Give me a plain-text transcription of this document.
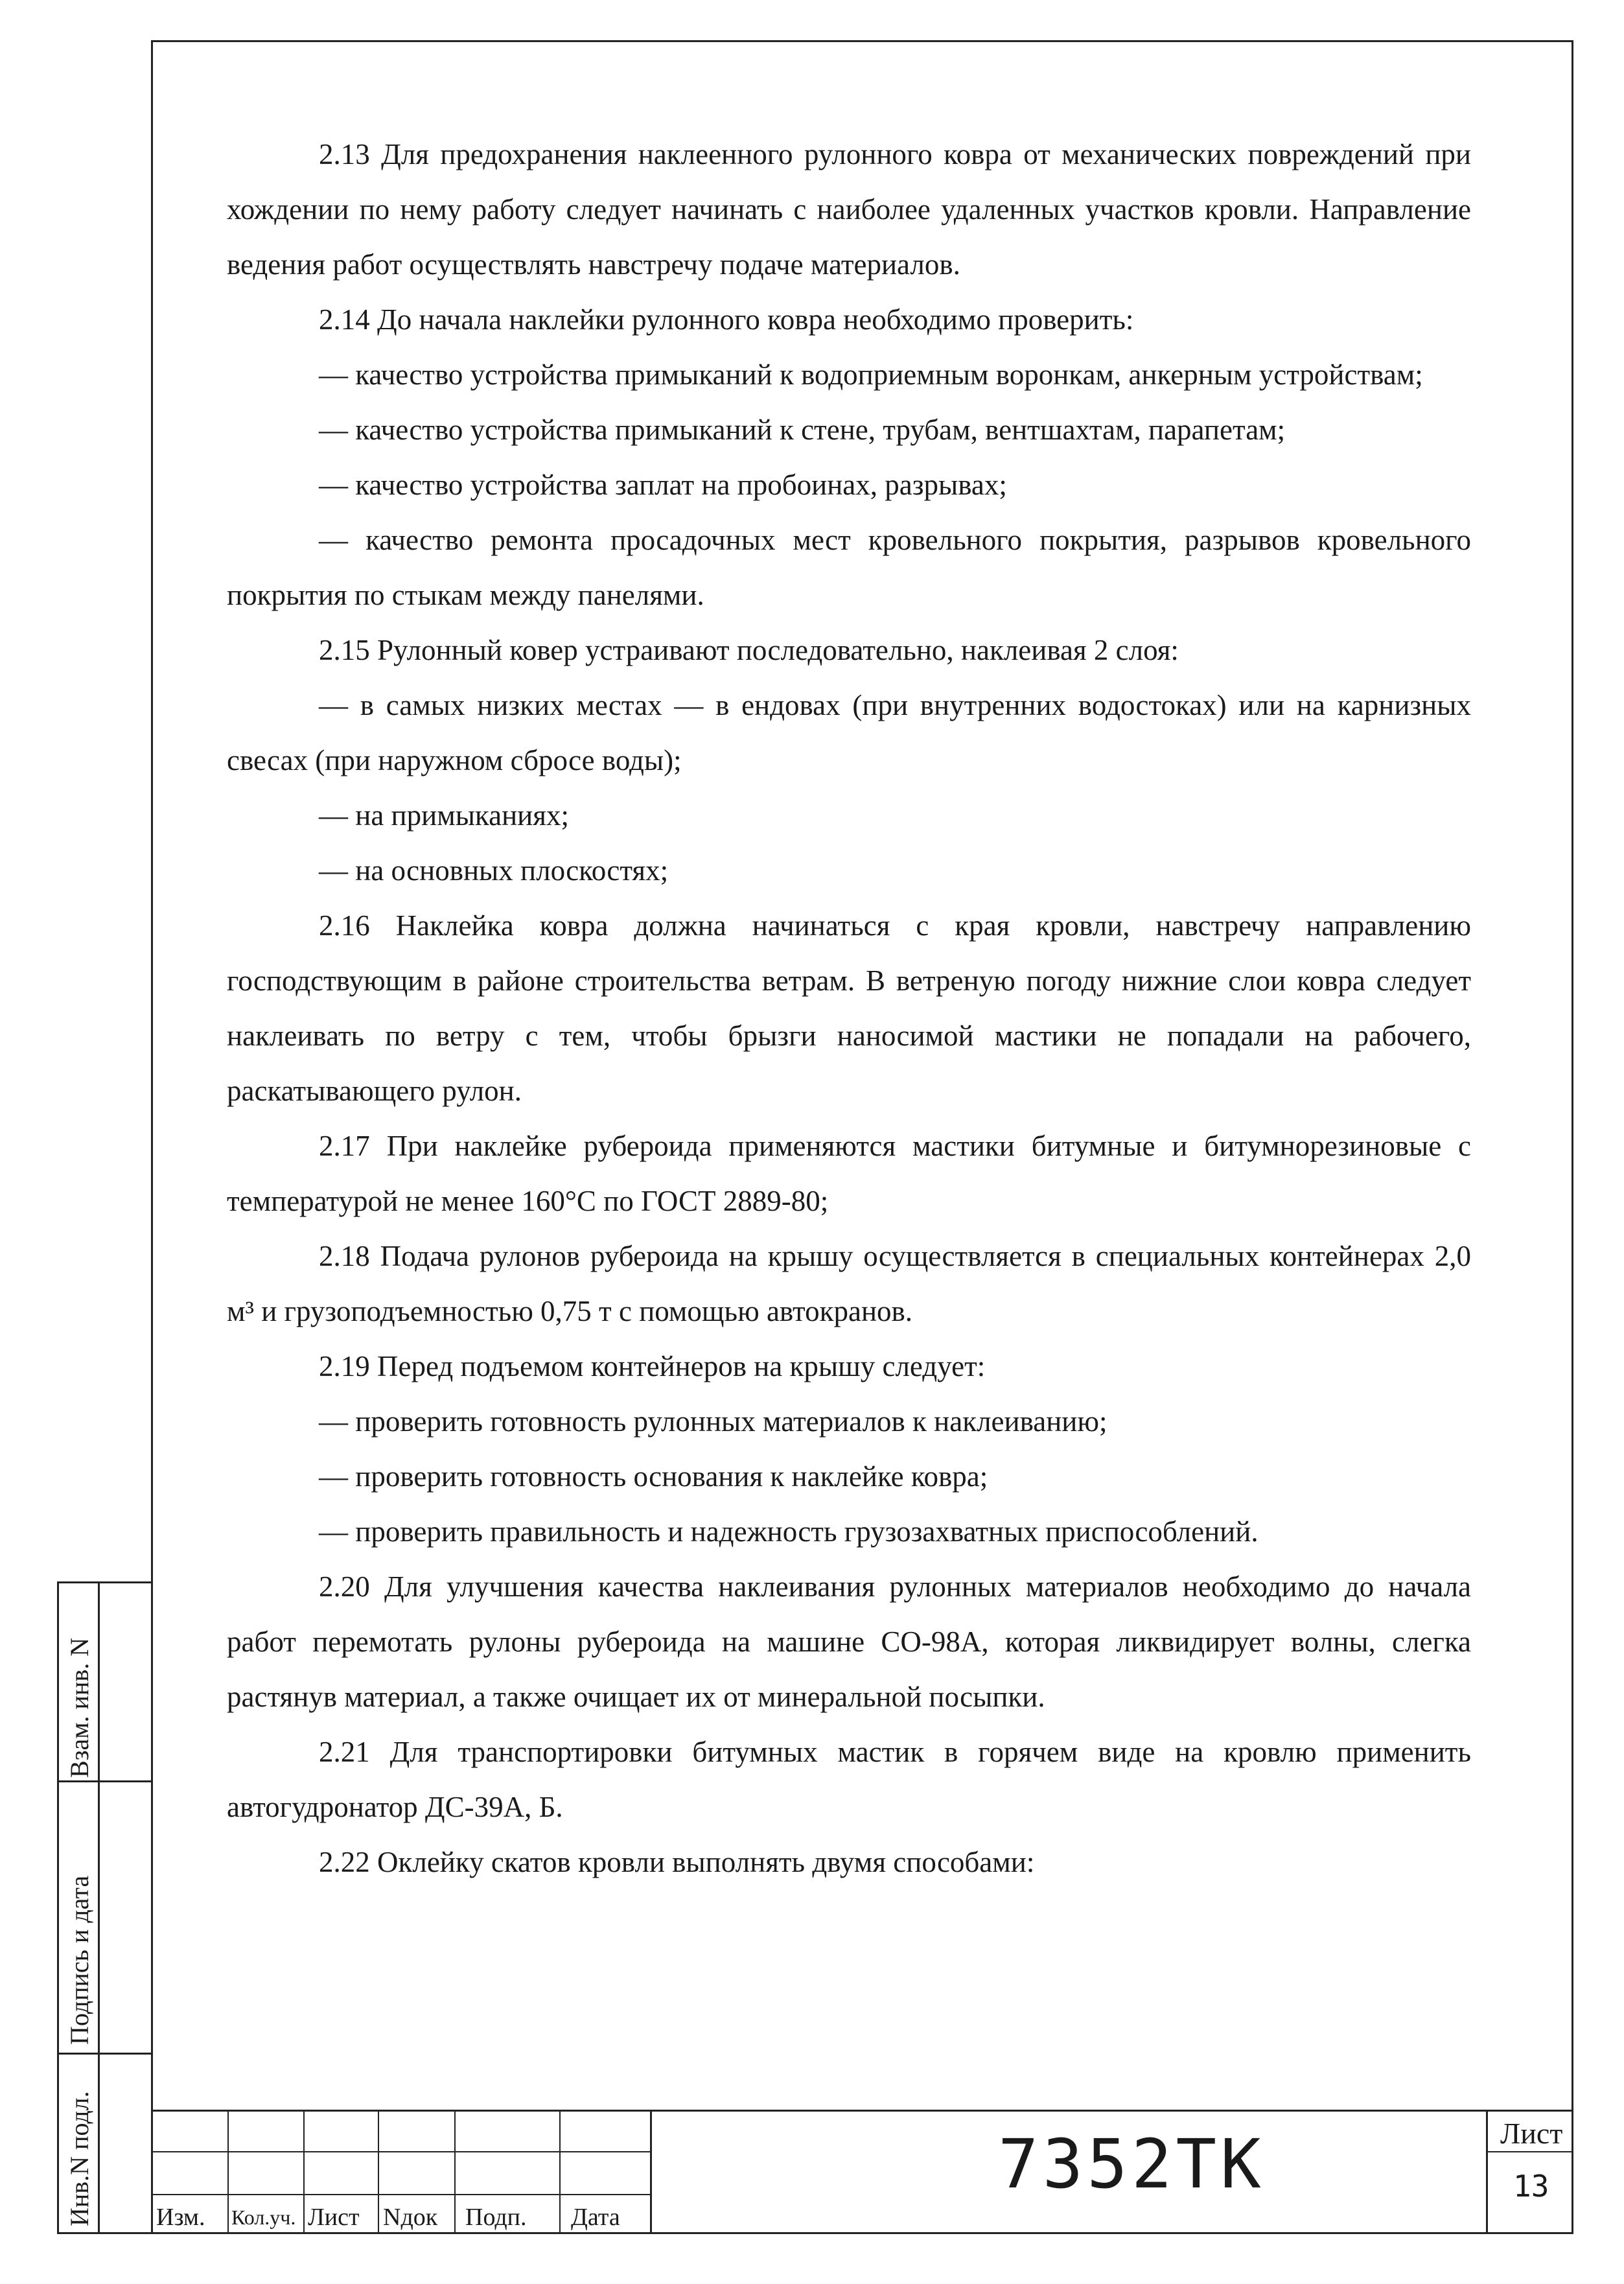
2.13 Для предохранения наклеенного рулонного ковра от механических повреждений при хождении по нему работу следует начинать с наиболее удаленных участков кровли. Направление ведения работ осуществлять навстречу подаче материалов.

2.14 До начала наклейки рулонного ковра необходимо проверить:

— качество устройства примыканий к водоприемным воронкам, анкерным устройствам;

— качество устройства примыканий к стене, трубам, вентшахтам, парапетам;

— качество устройства заплат на пробоинах, разрывах;

— качество ремонта просадочных мест кровельного покрытия, разрывов кровельного покрытия по стыкам между панелями.

2.15 Рулонный ковер устраивают последовательно, наклеивая 2 слоя:

— в самых низких местах — в ендовах (при внутренних водостоках) или на карнизных свесах (при наружном сбросе воды);

— на примыканиях;

— на основных плоскостях;

2.16 Наклейка ковра должна начинаться с края кровли, навстречу направлению господствующим в районе строительства ветрам. В ветреную погоду нижние слои ковра следует наклеивать по ветру с тем, чтобы брызги наносимой мастики не попадали на рабочего, раскатывающего рулон.

2.17 При наклейке рубероида применяются мастики битумные и битумнорезиновые с температурой не менее 160°С по ГОСТ 2889-80;

2.18 Подача рулонов рубероида на крышу осуществляется в специальных контейнерах 2,0 м³ и грузоподъемностью 0,75 т с помощью автокранов.

2.19 Перед подъемом контейнеров на крышу следует:

— проверить готовность рулонных материалов к наклеиванию;

— проверить готовность основания к наклейке ковра;

— проверить правильность и надежность грузозахватных приспособлений.

2.20 Для улучшения качества наклеивания рулонных материалов необходимо до начала работ перемотать рулоны рубероида на машине СО-98А, которая ликвидирует волны, слегка растянув материал, а также очищает их от минеральной посыпки.

2.21 Для транспортировки битумных мастик в горячем виде на кровлю применить автогудронатор ДС-39А, Б.

2.22 Оклейку скатов кровли выполнять двумя способами:

Взам. инв. N
Подпись и дата
Инв.N подл.	Изм. Кол.уч. Лист Nдок Подп. Дата
7352ТК	Лист
13
